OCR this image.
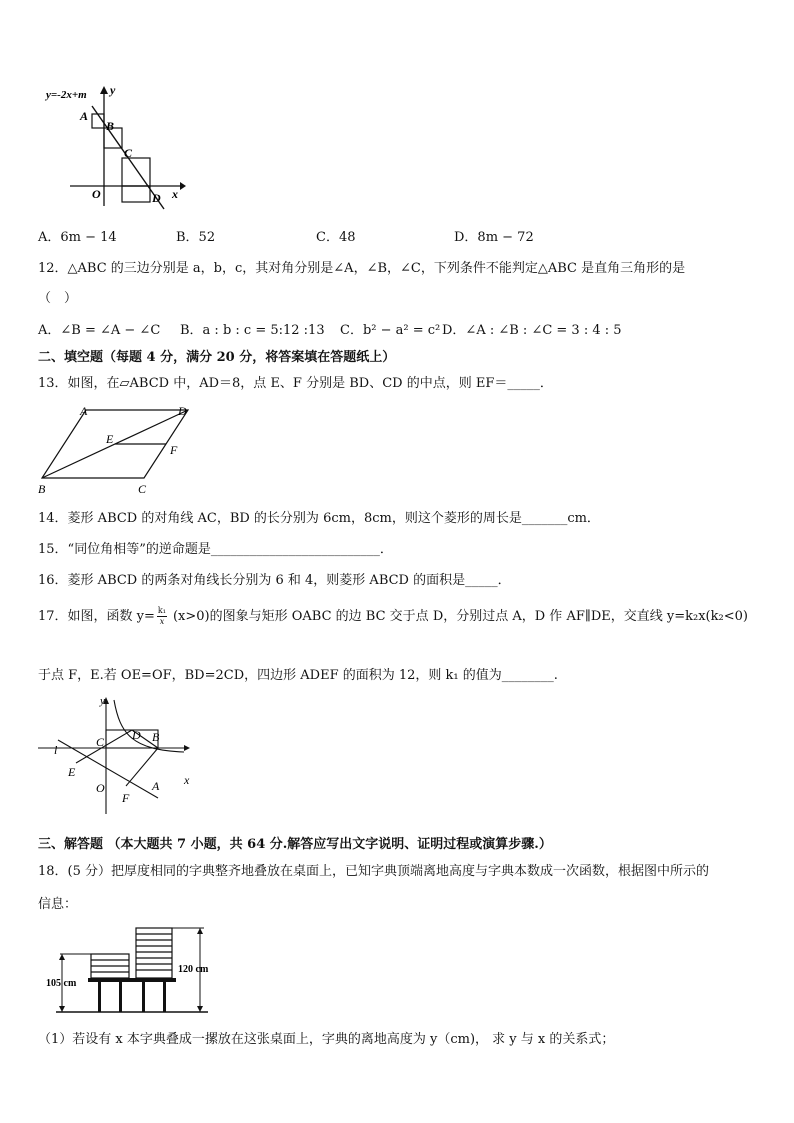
y=-2x+m y
A
B
C
O	D x
A．6m − 14	B．52	C．48	D．8m − 72
12．△ABC 的三边分别是 a，b，c，其对角分别是∠A，∠B，∠C，下列条件不能判定△ABC 是直角三角形的是
（　）
A．∠B = ∠A − ∠C B．a : b : c = 5:12 :13 C．b² − a² = c² D．∠A : ∠B : ∠C = 3 : 4 : 5
二、填空题（每题 4 分，满分 20 分，将答案填在答题纸上）
13．如图，在▱ABCD 中，AD＝8，点 E、F 分别是 BD、CD 的中点，则 EF＝_____．
A	D
E
F
B	C
14．菱形 ABCD 的对角线 AC，BD 的长分别为 6cm，8cm，则这个菱形的周长是_______cm．
15．“同位角相等”的逆命题是__________________________．
16．菱形 ABCD 的两条对角线长分别为 6 和 4，则菱形 ABCD 的面积是_____．
17．如图，函数 $y= \frac{\text{k₁}}{x} (x>0)$的图象与矩形 OABC 的边 BC 交于点 D，分别过点 A，D 作 AF∥DE，交直线 y=k₂x(k₂<0)
于点 F，E.若 OE=OF，BD=2CD，四边形 ADEF 的面积为 12，则 k₁ 的值为________.
y
l
C D B
E
O	A
F
x
三、解答题 （本大题共 7 小题，共 64 分.解答应写出文字说明、证明过程或演算步骤.）
18．(5 分）把厚度相同的字典整齐地叠放在桌面上，已知字典顶端离地高度与字典本数成一次函数，根据图中所示的
信息：
105 cm
120 cm
（1）若设有 x 本字典叠成一摞放在这张桌面上，字典的离地高度为 y（cm)， 求 y 与 x 的关系式；
